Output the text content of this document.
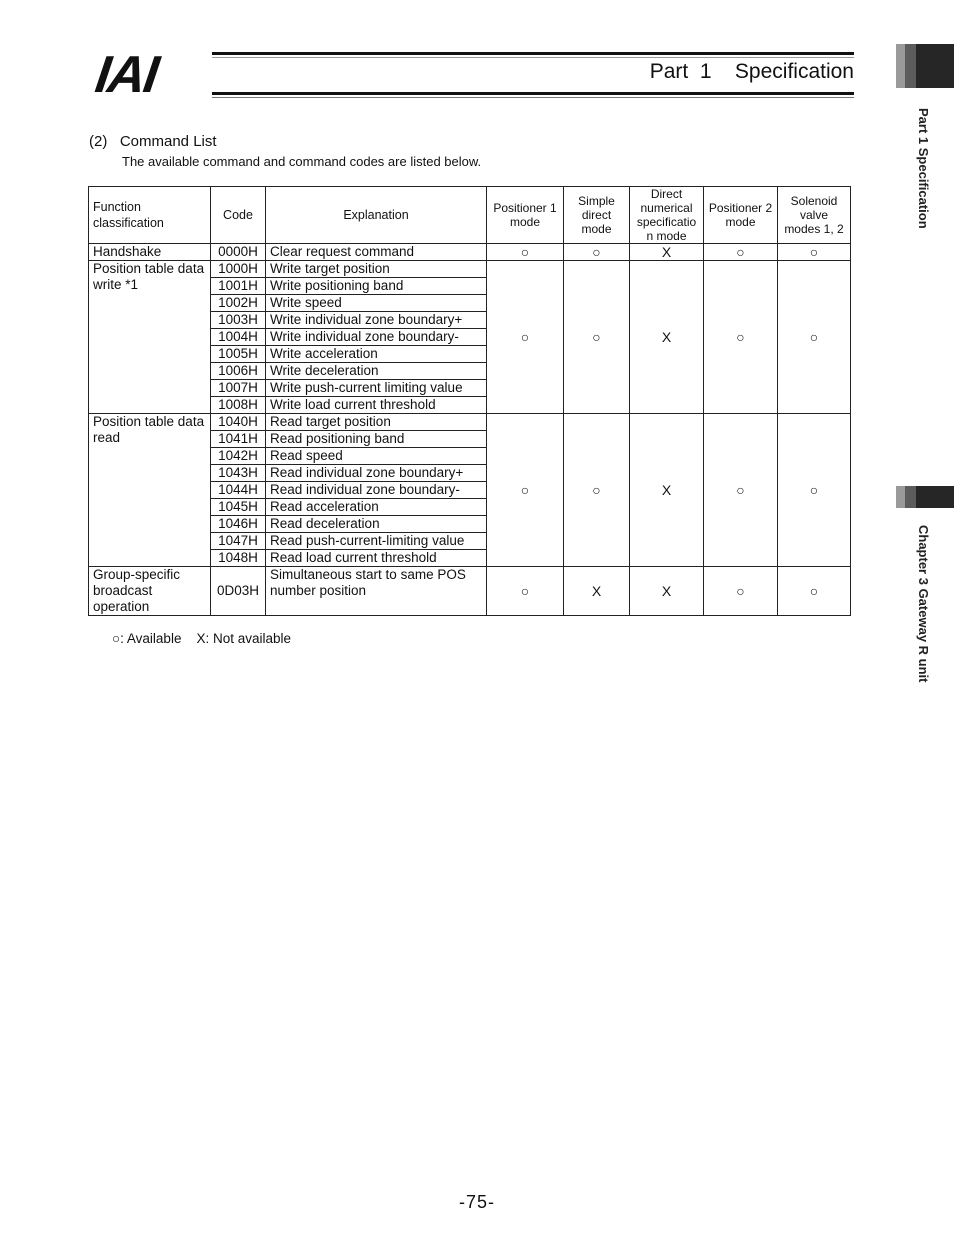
IAI	Part  1    Specification
Part 1 Specification
Chapter 3 Gateway R unit
(2)   Command List
The available command and command codes are listed below.
Function classification	Code	Explanation	Positioner 1 mode	Simple direct mode	Direct numerical specificatio n mode	Positioner 2 mode	Solenoid valve modes 1, 2
Handshake	0000H	Clear request command	○	○	X	○	○
Position table data write *1	1000H	Write target position	○	○	X	○	○
	1001H	Write positioning band					
	1002H	Write speed					
	1003H	Write individual zone boundary+					
	1004H	Write individual zone boundary-					
	1005H	Write acceleration					
	1006H	Write deceleration					
	1007H	Write push-current limiting value					
	1008H	Write load current threshold					
Position table data read	1040H	Read target position	○	○	X	○	○
	1041H	Read positioning band					
	1042H	Read speed					
	1043H	Read individual zone boundary+					
	1044H	Read individual zone boundary-					
	1045H	Read acceleration					
	1046H	Read deceleration					
	1047H	Read push-current-limiting value					
	1048H	Read load current threshold					
Group-specific broadcast operation	0D03H	Simultaneous start to same POS number position	○	X	X	○	○
○: Available    X: Not available
-75-
